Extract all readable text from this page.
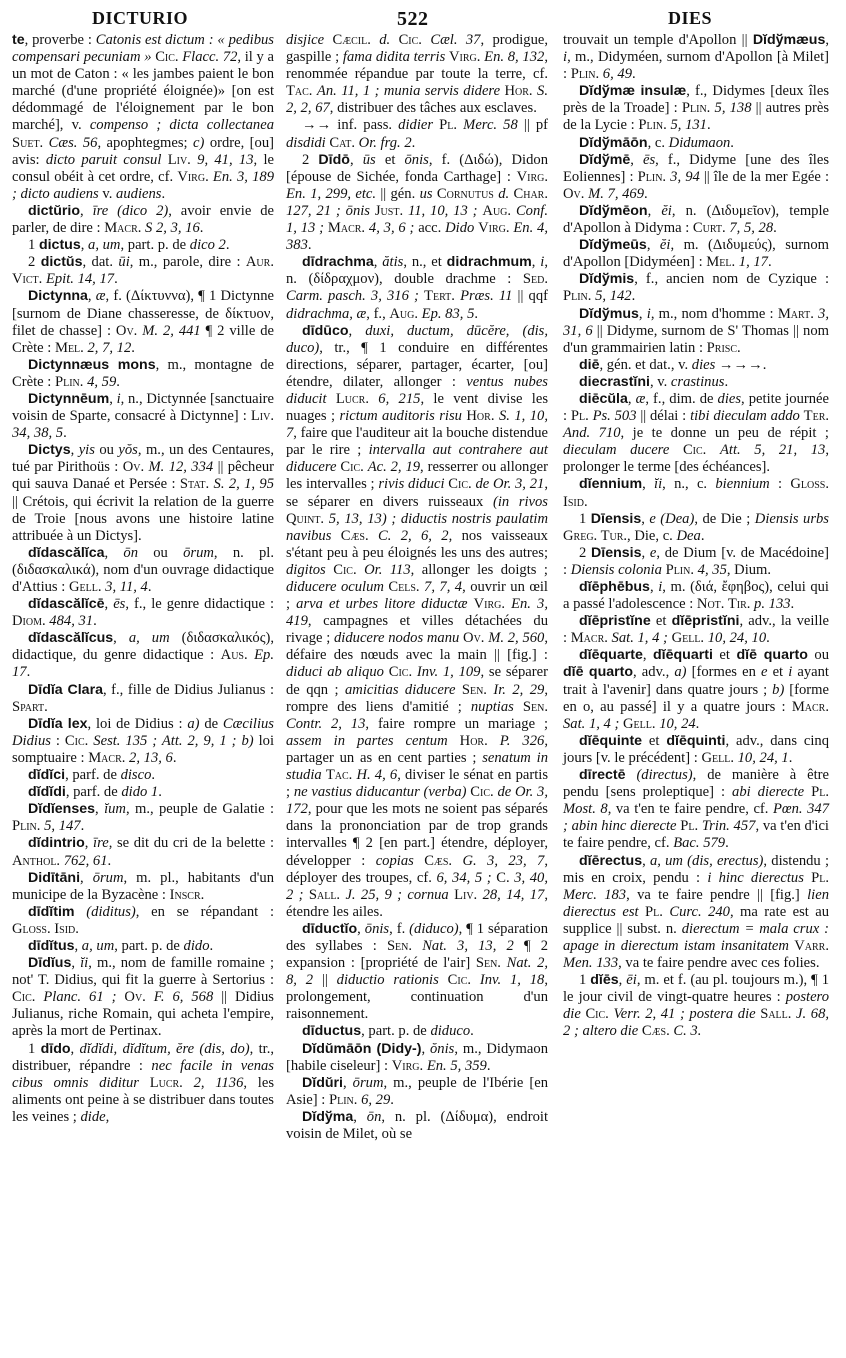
DICTURIO	522	DIES

te, proverbe : Catonis est dictum : « pedibus compensari pecuniam » Cic. Flacc. 72, il y a un mot de Caton : « les jambes paient le bon marché (d'une propriété éloignée)» [on est dédommagé de l'éloignement par le bon marché], v. compenso ; dicta collectanea Suet. Cæs. 56, apophtegmes; c) ordre, [ou] avis: dicto paruit consul Liv. 9, 41, 13, le consul obéit à cet ordre, cf. Virg. En. 3, 189 ; dicto audiens v. audiens.

dictŭrio, īre (dico 2), avoir envie de parler, de dire : Macr. S 2, 3, 16.

1 dictus, a, um, part. p. de dico 2.

2 dictŭs, dat. ūi, m., parole, dire : Aur. Vict. Epit. 14, 17.

Dictynna, æ, f. (Δίκτυννα), ¶ 1 Dictynne [surnom de Diane chasseresse, de δίκτυον, filet de chasse] : Ov. M. 2, 441 ¶ 2 ville de Crète : Mel. 2, 7, 12.

Dictynnæus mons, m., montagne de Crète : Plin. 4, 59.

Dictynnēum, i, n., Dictynnée [sanctuaire voisin de Sparte, consacré à Dictynne] : Liv. 34, 38, 5.

Dictys, yis ou yŏs, m., un des Centaures, tué par Pirithoüs : Ov. M. 12, 334 || pêcheur qui sauva Danaé et Persée : Stat. S. 2, 1, 95 || Crétois, qui écrivit la relation de la guerre de Troie [nous avons une histoire latine attribuée à un Dictys].

dĭdascălĭca, ōn ou ōrum, n. pl. (διδασκαλικά), nom d'un ouvrage didactique d'Attius : Gell. 3, 11, 4.

dĭdascălĭcē, ēs, f., le genre didactique : Diom. 484, 31.

dĭdascălĭcus, a, um (διδασκαλικός), didactique, du genre didactique : Aus. Ep. 17.

Dīdĭa Clara, f., fille de Didius Julianus : Spart.

Dīdĭa lex, loi de Didius : a) de Cæcilius Didius : Cic. Sest. 135 ; Att. 2, 9, 1 ; b) loi somptuaire : Macr. 2, 13, 6.

dĭdĭci, parf. de disco.

dĭdĭdi, parf. de dido 1.

Dĭdĭenses, ĭum, m., peuple de Galatie : Plin. 5, 147.

dĭdintrio, īre, se dit du cri de la belette : Anthol. 762, 61.

Didītāni, ōrum, m. pl., habitants d'un municipe de la Byzacène : Inscr.

dīdĭtim (diditus), en se répandant : Gloss. Isid.

dīdĭtus, a, um, part. p. de dido.

Dīdĭus, ĭi, m., nom de famille romaine ; not' T. Didius, qui fit la guerre à Sertorius : Cic. Planc. 61 ; Ov. F. 6, 568 || Didius Julianus, riche Romain, qui acheta l'empire, après la mort de Pertinax.

1 dīdo, dĭdĭdi, dĭdĭtum, ĕre (dis, do), tr., distribuer, répandre : nec facile in venas cibus omnis diditur Lucr. 2, 1136, les aliments ont peine à se distribuer dans toutes les veines ; dide,

disjice Cæcil. d. Cic. Cæl. 37, prodigue, gaspille ; fama didita terris Virg. En. 8, 132, renommée répandue par toute la terre, cf. Tac. An. 11, 1 ; munia servis didere Hor. S. 2, 2, 67, distribuer des tâches aux esclaves.

→→ inf. pass. didier Pl. Merc. 58 || pf disdidi Cat. Or. frg. 2.

2 Dīdō, ūs et ōnis, f. (Διδώ), Didon [épouse de Sichée, fonda Carthage] : Virg. En. 1, 299, etc. || gén. us Cornutus d. Char. 127, 21 ; ōnis Just. 11, 10, 13 ; Aug. Conf. 1, 13 ; Macr. 4, 3, 6 ; acc. Dido Virg. En. 4, 383.

dīdrachma, ătis, n., et didrachmum, i, n. (δίδραχμον), double drachme : Sed. Carm. pasch. 3, 316 ; Tert. Præs. 11 || qqf didrachma, æ, f., Aug. Ep. 83, 5.

dīdūco, duxi, ductum, dūcĕre, (dis, duco), tr., ¶ 1 conduire en différentes directions, séparer, partager, écarter, [ou] étendre, dilater, allonger : ventus nubes diducit Lucr. 6, 215, le vent divise les nuages ; rictum auditoris risu Hor. S. 1, 10, 7, faire que l'auditeur ait la bouche distendue par le rire ; intervalla aut contrahere aut diducere Cic. Ac. 2, 19, resserrer ou allonger les intervalles ; rivis diduci Cic. de Or. 3, 21, se séparer en divers ruisseaux (in rivos Quint. 5, 13, 13) ; diductis nostris paulatim navibus Cæs. C. 2, 6, 2, nos vaisseaux s'étant peu à peu éloignés les uns des autres; digitos Cic. Or. 113, allonger les doigts ; diducere oculum Cels. 7, 7, 4, ouvrir un œil ; arva et urbes litore diductæ Virg. En. 3, 419, campagnes et villes détachées du rivage ; diducere nodos manu Ov. M. 2, 560, défaire des nœuds avec la main || [fig.] : diduci ab aliquo Cic. Inv. 1, 109, se séparer de qqn ; amicitias diducere Sen. Ir. 2, 29, rompre des liens d'amitié ; nuptias Sen. Contr. 2, 13, faire rompre un mariage ; assem in partes centum Hor. P. 326, partager un as en cent parties ; senatum in studia Tac. H. 4, 6, diviser le sénat en partis ; ne vastius diducantur (verba) Cic. de Or. 3, 172, pour que les mots ne soient pas séparés dans la prononciation par de trop grands intervalles ¶ 2 [en part.] étendre, déployer, développer : copias Cæs. G. 3, 23, 7, déployer des troupes, cf. 6, 34, 5 ; C. 3, 40, 2 ; Sall. J. 25, 9 ; cornua Liv. 28, 14, 17, étendre les ailes.

dīductĭo, ōnis, f. (diduco), ¶ 1 séparation des syllabes : Sen. Nat. 3, 13, 2 ¶ 2 expansion : [propriété de l'air] Sen. Nat. 2, 8, 2 || diductio rationis Cic. Inv. 1, 18, prolongement, continuation d'un raisonnement.

dīductus, part. p. de diduco.

Dĭdŭmāōn (Didy-), ŏnis, m., Didymaon [habile ciseleur] : Virg. En. 5, 359.

Dĭdŭri, ōrum, m., peuple de l'Ibérie [en Asie] : Plin. 6, 29.

Dĭdўma, ōn, n. pl. (Δίδυμα), endroit voisin de Milet, où se

trouvait un temple d'Apollon || Dĭdўmæus, i, m., Didyméen, surnom d'Apollon [à Milet] : Plin. 6, 49.

Dĭdўmæ insulæ, f., Didymes [deux îles près de la Troade] : Plin. 5, 138 || autres près de la Lycie : Plin. 5, 131.

Dĭdўmāōn, c. Didumaon.

Dĭdўmē, ēs, f., Didyme [une des îles Eoliennes] : Plin. 3, 94 || île de la mer Egée : Ov. M. 7, 469.

Dĭdўmēon, ĕi, n. (Διδυμεῖον), temple d'Apollon à Didyma : Curt. 7, 5, 28.

Dĭdўmeūs, ĕi, m. (Διδυμεύς), surnom d'Apollon [Didyméen] : Mel. 1, 17.

Dĭdўmis, f., ancien nom de Cyzique : Plin. 5, 142.

Dĭdўmus, i, m., nom d'homme : Mart. 3, 31, 6 || Didyme, surnom de S' Thomas || nom d'un grammairien latin : Prisc.

diē, gén. et dat., v. dies →→→.

diecrastĭni, v. crastinus.

diēcŭla, æ, f., dim. de dies, petite journée : Pl. Ps. 503 || délai : tibi dieculam addo Ter. And. 710, je te donne un peu de répit ; dieculam ducere Cic. Att. 5, 21, 13, prolonger le terme [des échéances].

dĭennium, ĭi, n., c. biennium : Gloss. Isid.

1 Dīensis, e (Dea), de Die ; Diensis urbs Greg. Tur., Die, c. Dea.

2 Dīensis, e, de Dium [v. de Macédoine] : Diensis colonia Plin. 4, 35, Dium.

dĭēphēbus, i, m. (διά, ἔφηβος), celui qui a passé l'adolescence : Not. Tir. p. 133.

dĭēpristĭne et dĭēpristĭni, adv., la veille : Macr. Sat. 1, 4 ; Gell. 10, 24, 10.

dĭēquarte, dĭēquarti et dĭē quarto ou dĭē quarto, adv., a) [formes en e et i ayant trait à l'avenir] dans quatre jours ; b) [forme en o, au passé] il y a quatre jours : Macr. Sat. 1, 4 ; Gell. 10, 24.

dĭēquinte et dĭēquinti, adv., dans cinq jours [v. le précédent] : Gell. 10, 24, 1.

dīrectē (directus), de manière à être pendu [sens proleptique] : abi dierecte Pl. Most. 8, va t'en te faire pendre, cf. Pœn. 347 ; abin hinc dierecte Pl. Trin. 457, va t'en d'ici te faire pendre, cf. Bac. 579.

dĭērectus, a, um (dis, erectus), distendu ; mis en croix, pendu : i hinc dierectus Pl. Merc. 183, va te faire pendre || [fig.] lien dierectus est Pl. Curc. 240, ma rate est au supplice || subst. n. dierectum = mala crux : apage in dierectum istam insanitatem Varr. Men. 133, va te faire pendre avec ces folies.

1 dĭēs, ēi, m. et f. (au pl. toujours m.), ¶ 1 le jour civil de vingt-quatre heures : postero die Cic. Verr. 2, 41 ; postera die Sall. J. 68, 2 ; altero die Cæs. C. 3.
